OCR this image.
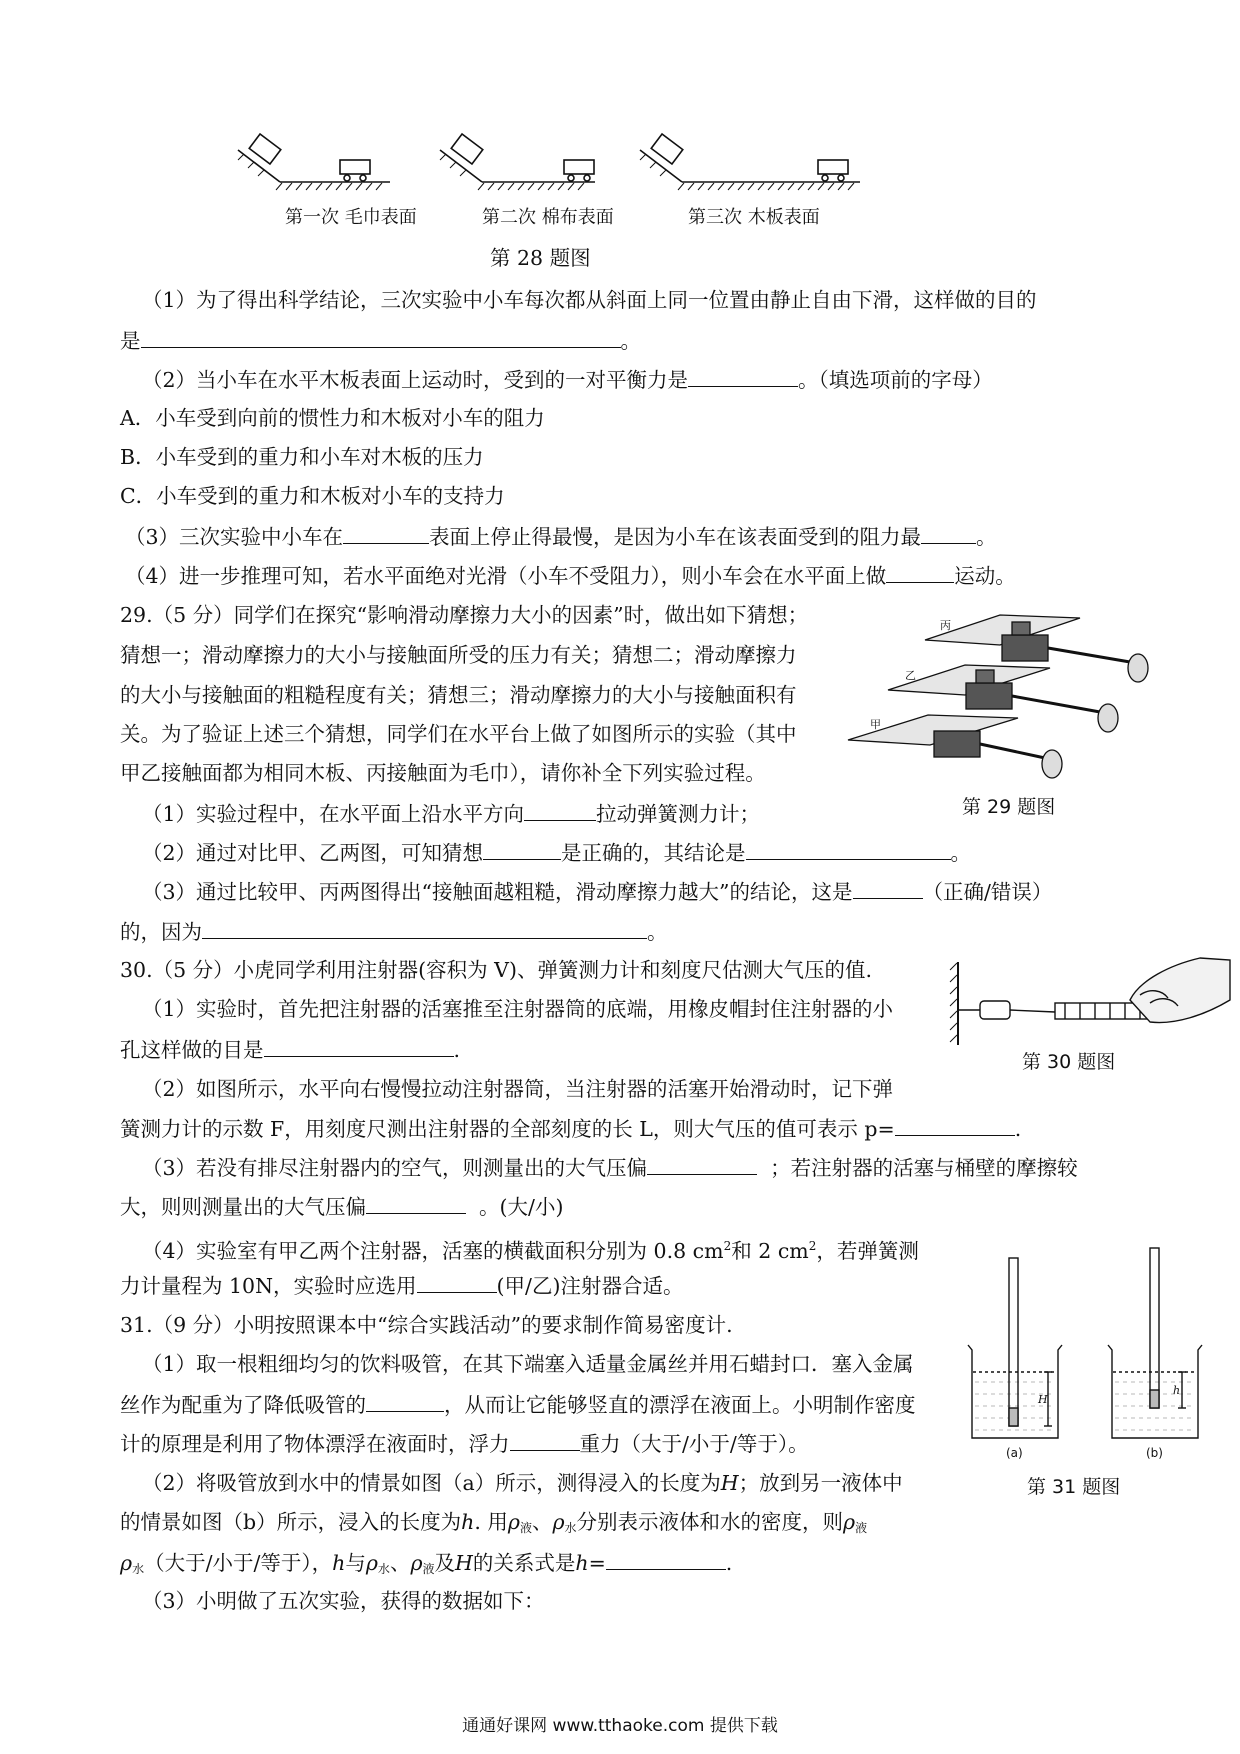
第一次 毛巾表面	第二次 棉布表面	第三次 木板表面
第 28 题图
（1）为了得出科学结论，三次实验中小车每次都从斜面上同一位置由静止自由下滑，这样做的目的
是	。
（2）当小车在水平木板表面上运动时，受到的一对平衡力是	。（填选项前的字母）
A．小车受到向前的惯性力和木板对小车的阻力
B．小车受到的重力和小车对木板的压力
C．小车受到的重力和木板对小车的支持力
（3）三次实验中小车在	表面上停止得最慢，是因为小车在该表面受到的阻力最	。
（4）进一步推理可知，若水平面绝对光滑（小车不受阻力），则小车会在水平面上做	运动。
29.（5 分）同学们在探究“影响滑动摩擦力大小的因素”时，做出如下猜想；
猜想一；滑动摩擦力的大小与接触面所受的压力有关；猜想二；滑动摩擦力
的大小与接触面的粗糙程度有关；猜想三；滑动摩擦力的大小与接触面积有
关。为了验证上述三个猜想，同学们在水平台上做了如图所示的实验（其中
甲乙接触面都为相同木板、丙接触面为毛巾），请你补全下列实验过程。
丙
乙
甲
第 29 题图
（1）实验过程中，在水平面上沿水平方向	拉动弹簧测力计；
（2）通过对比甲、乙两图，可知猜想	是正确的，其结论是	。
（3）通过比较甲、丙两图得出“接触面越粗糙，滑动摩擦力越大”的结论，这是	（正确/错误）
的，因为	。
30.（5 分）小虎同学利用注射器(容积为 V)、弹簧测力计和刻度尺估测大气压的值.
第 30 题图
（1）实验时，首先把注射器的活塞推至注射器筒的底端，用橡皮帽封住注射器的小
孔这样做的目是	.
（2）如图所示，水平向右慢慢拉动注射器筒，当注射器的活塞开始滑动时，记下弹
簧测力计的示数 F，用刻度尺测出注射器的全部刻度的长 L，则大气压的值可表示 p=	.
（3）若没有排尽注射器内的空气，则测量出的大气压偏	；若注射器的活塞与桶壁的摩擦较
大，则则测量出的大气压偏	。(大/小)
（4）实验室有甲乙两个注射器，活塞的横截面积分别为 0.8 $cm^2$和 2 $cm^2$，若弹簧测
力计量程为 10N，实验时应选用	(甲/乙)注射器合适。
31.（9 分）小明按照课本中“综合实践活动”的要求制作简易密度计.
H
h
(a)	(b)
第 31 题图
（1）取一根粗细均匀的饮料吸管，在其下端塞入适量金属丝并用石蜡封口．塞入金属
丝作为配重为了降低吸管的	，从而让它能够竖直的漂浮在液面上。小明制作密度
计的原理是利用了物体漂浮在液面时，浮力	重力（大于/小于/等于）。
（2）将吸管放到水中的情景如图（a）所示，测得浸入的长度为H；放到另一液体中
的情景如图（b）所示，浸入的长度为h. 用$\rho_液$、$\rho_水$分别表示液体和水的密度，则$\rho_液$
$\rho_水$（大于/小于/等于），h与$\rho_水$、$\rho_液$及H的关系式是h=	.
（3）小明做了五次实验，获得的数据如下：
通通好课网 www.tthaoke.com 提供下载
